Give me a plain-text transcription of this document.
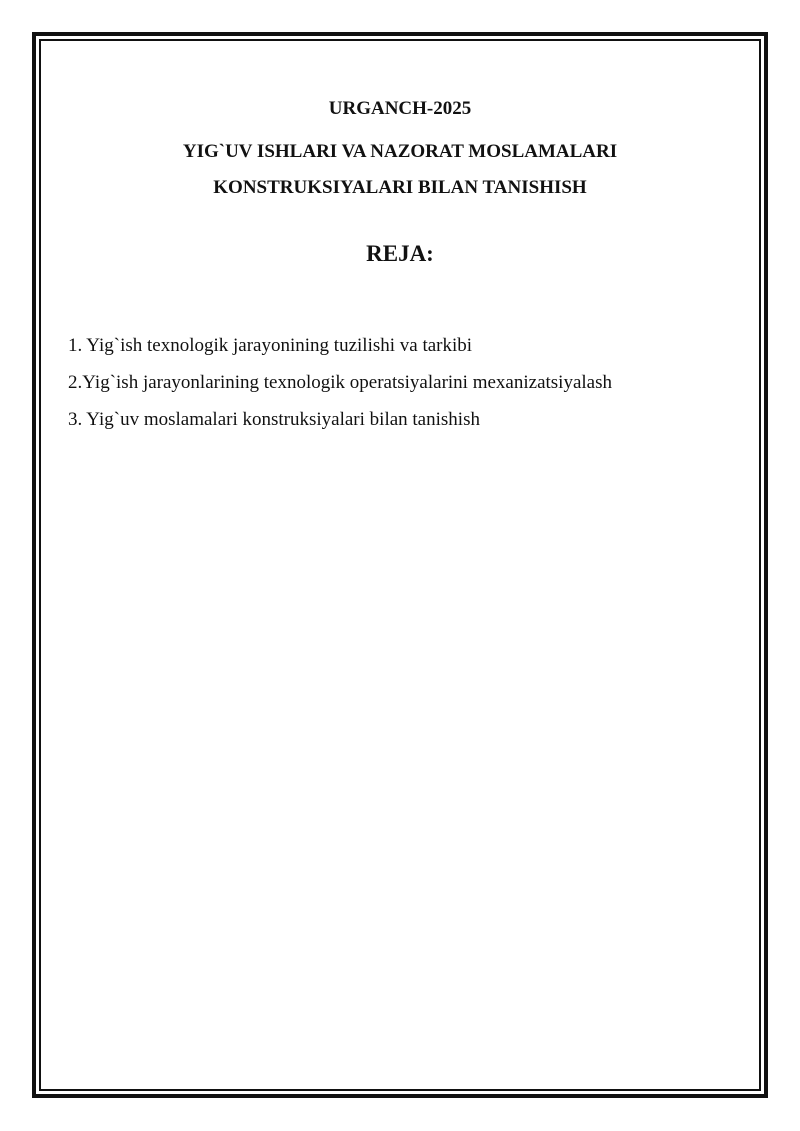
URGANCH-2025

YIG`UV ISHLARI VA NAZORAT MOSLAMALARI

KONSTRUKSIYALARI BILAN TANISHISH

REJA:

1. Yig`ish texnologik jarayonining tuzilishi va tarkibi
2.Yig`ish jarayonlarining texnologik operatsiyalarini mexanizatsiyalash
3. Yig`uv moslamalari konstruksiyalari bilan tanishish
